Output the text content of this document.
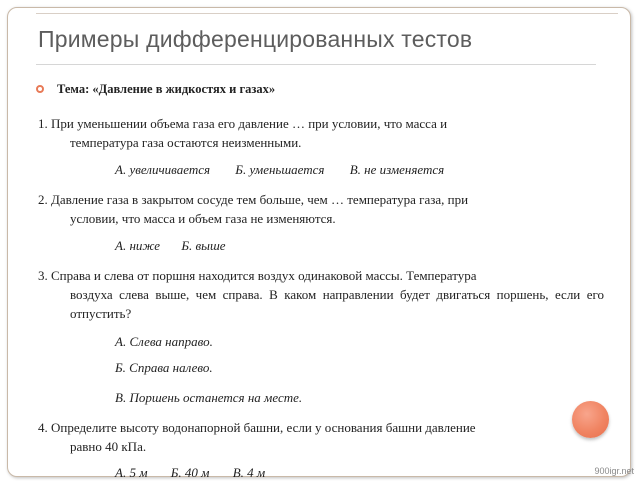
Примеры дифференцированных тестов
Тема: «Давление в жидкостях и газах»

1. При уменьшении объема газа его давление … при условии, что масса и
температура газа остаются неизменными.

А. увеличивается Б. уменьшается В. не изменяется

2. Давление газа в закрытом сосуде тем больше, чем … температура газа, при
условии, что масса и объем газа не изменяются.

А. ниже Б. выше

3. Справа и слева от поршня находится воздух одинаковой массы. Температура
воздуха слева выше, чем справа. В каком направлении будет двигаться поршень, если его отпустить?

А. Слева направо.
Б. Справа налево.
В. Поршень останется на месте.

4. Определите высоту водонапорной башни, если у основания башни давление
равно 40 кПа.

А. 5 м Б. 40 м В. 4 м	900igr.net
